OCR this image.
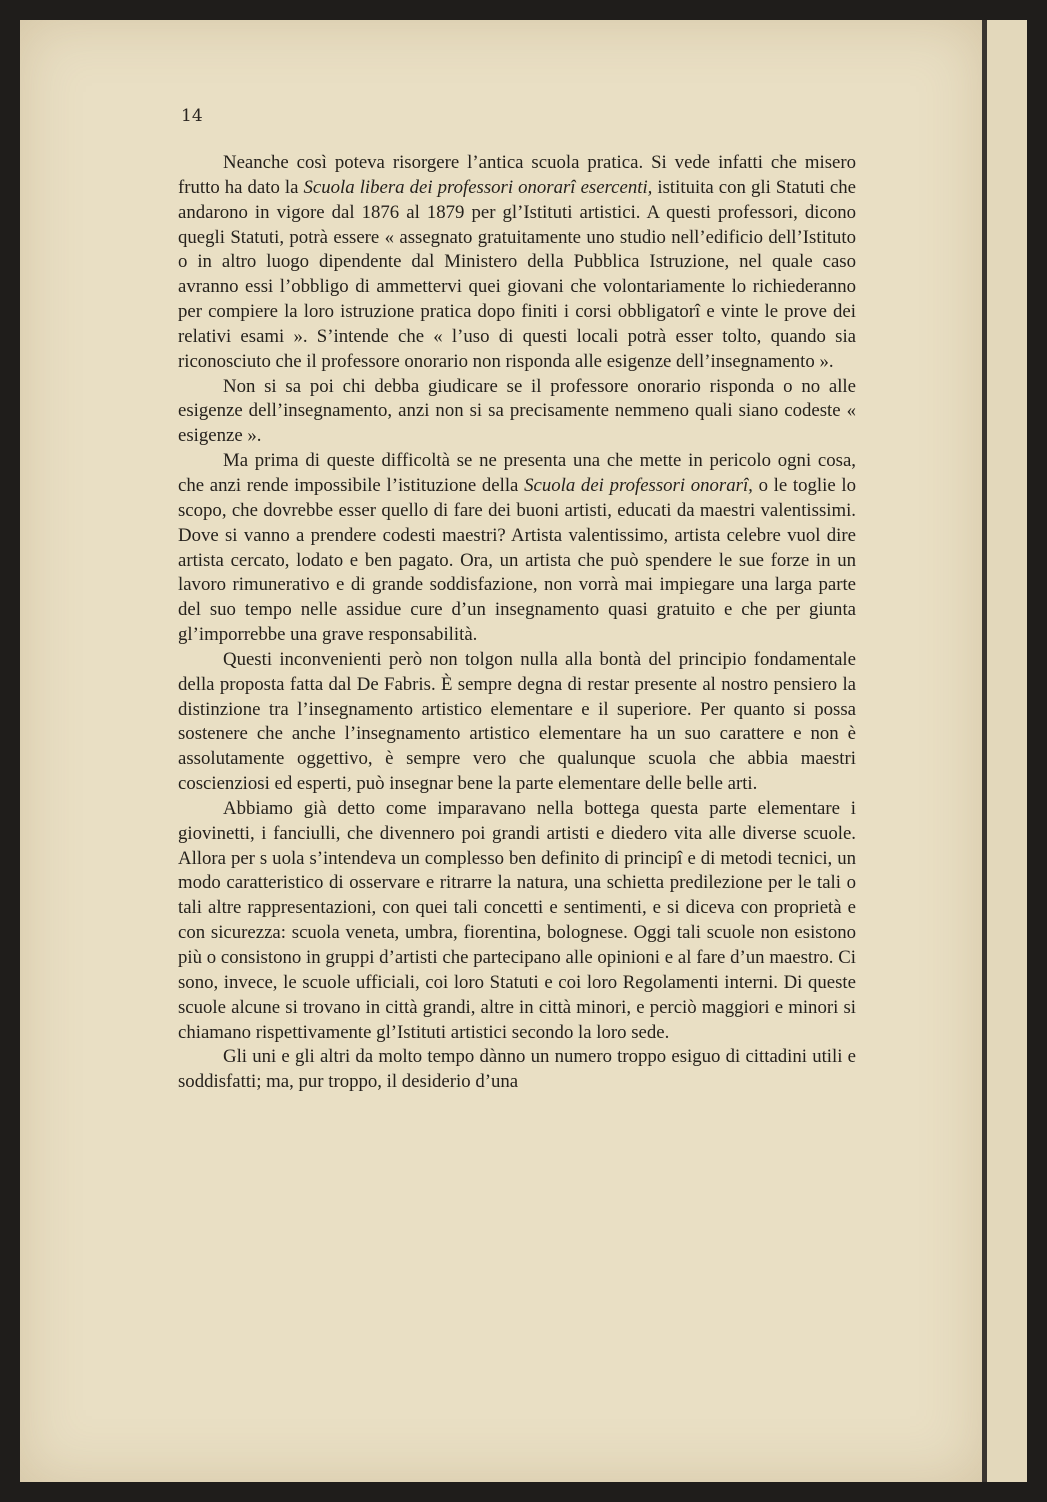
14

Neanche così poteva risorgere l’antica scuola pratica. Si vede infatti che misero frutto ha dato la Scuola libera dei professori onorarî esercenti, istituita con gli Statuti che andarono in vigore dal 1876 al 1879 per gl’Istituti artistici. A questi professori, dicono quegli Statuti, potrà essere « assegnato gratuitamente uno studio nell’edificio dell’Istituto o in altro luogo dipendente dal Ministero della Pubblica Istruzione, nel quale caso avranno essi l’obbligo di ammettervi quei giovani che volontariamente lo richiederanno per compiere la loro istruzione pratica dopo finiti i corsi obbligatorî e vinte le prove dei relativi esami ». S’intende che « l’uso di questi locali potrà esser tolto, quando sia riconosciuto che il professore onorario non risponda alle esigenze dell’insegnamento ».

Non si sa poi chi debba giudicare se il professore onorario risponda o no alle esigenze dell’insegnamento, anzi non si sa precisamente nemmeno quali siano codeste « esigenze ».

Ma prima di queste difficoltà se ne presenta una che mette in pericolo ogni cosa, che anzi rende impossibile l’istituzione della Scuola dei professori onorarî, o le toglie lo scopo, che dovrebbe esser quello di fare dei buoni artisti, educati da maestri valentissimi. Dove si vanno a prendere codesti maestri? Artista valentissimo, artista celebre vuol dire artista cercato, lodato e ben pagato. Ora, un artista che può spendere le sue forze in un lavoro rimunerativo e di grande soddisfazione, non vorrà mai impiegare una larga parte del suo tempo nelle assidue cure d’un insegnamento quasi gratuito e che per giunta gl’imporrebbe una grave responsabilità.

Questi inconvenienti però non tolgon nulla alla bontà del principio fondamentale della proposta fatta dal De Fabris. È sempre degna di restar presente al nostro pensiero la distinzione tra l’insegnamento artistico elementare e il superiore. Per quanto si possa sostenere che anche l’insegnamento artistico elementare ha un suo carattere e non è assolutamente oggettivo, è sempre vero che qualunque scuola che abbia maestri coscienziosi ed esperti, può insegnar bene la parte elementare delle belle arti.

Abbiamo già detto come imparavano nella bottega questa parte elementare i giovinetti, i fanciulli, che divennero poi grandi artisti e diedero vita alle diverse scuole. Allora per s uola s’intendeva un complesso ben definito di principî e di metodi tecnici, un modo caratteristico di osservare e ritrarre la natura, una schietta predilezione per le tali o tali altre rappresentazioni, con quei tali concetti e sentimenti, e si diceva con proprietà e con sicurezza: scuola veneta, umbra, fiorentina, bolognese. Oggi tali scuole non esistono più o consistono in gruppi d’artisti che partecipano alle opinioni e al fare d’un maestro. Ci sono, invece, le scuole ufficiali, coi loro Statuti e coi loro Regolamenti interni. Di queste scuole alcune si trovano in città grandi, altre in città minori, e perciò maggiori e minori si chiamano rispettivamente gl’Istituti artistici secondo la loro sede.

Gli uni e gli altri da molto tempo dànno un numero troppo esiguo di cittadini utili e soddisfatti; ma, pur troppo, il desiderio d’una
